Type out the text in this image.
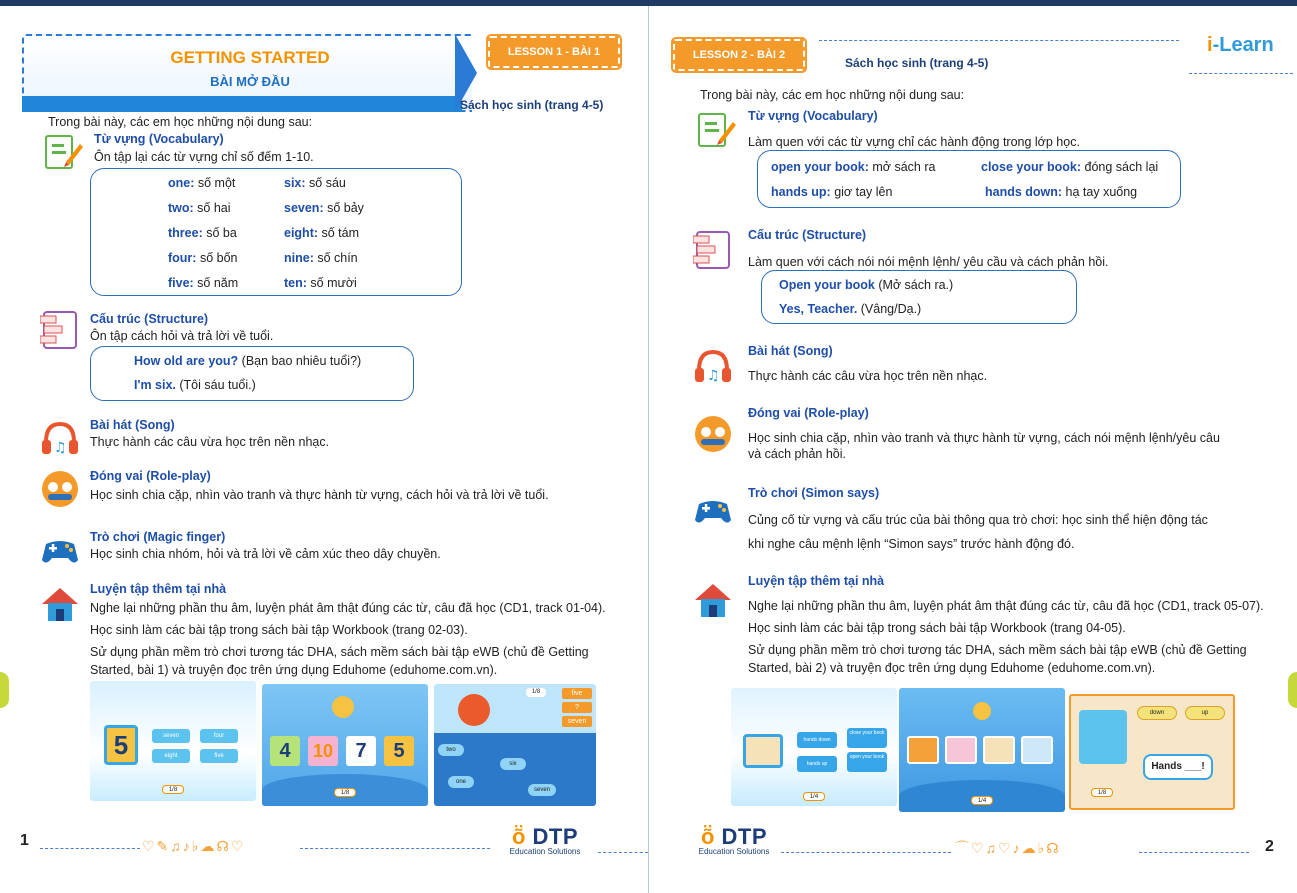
GETTING STARTED
BÀI MỞ ĐẦU
LESSON 1 - BÀI 1
Sách học sinh (trang 4-5)
Trong bài này, các em học những nội dung sau:
Từ vựng (Vocabulary)
Ôn tập lại các từ vựng chỉ số đếm 1-10.
one: số một	six: số sáu
two: số hai	seven: số bảy
three: số ba	eight: số tám
four: số bốn	nine: số chín
five: số năm	ten: số mười
Cấu trúc (Structure)
Ôn tập cách hỏi và trả lời về tuổi.
How old are you? (Bạn bao nhiêu tuổi?)
I'm six. (Tôi sáu tuổi.)
♫
Bài hát (Song)
Thực hành các câu vừa học trên nền nhạc.
Đóng vai (Role-play)
Học sinh chia cặp, nhìn vào tranh và thực hành từ vựng, cách hỏi và trả lời về tuổi.
Trò chơi (Magic finger)
Học sinh chia nhóm, hỏi và trả lời về cảm xúc theo dây chuyền.
Luyện tập thêm tại nhà
Nghe lại những phần thu âm, luyện phát âm thật đúng các từ, câu đã học (CD1, track 01-04).
Học sinh làm các bài tập trong sách bài tập Workbook (trang 02-03).
Sử dụng phần mềm trò chơi tương tác DHA, sách mềm sách bài tập eWB (chủ đề Getting
Started, bài 1) và truyện đọc trên ứng dụng Eduhome (eduhome.com.vn).
5	seven	four
eight	five
1/8
4	10	7	5
1/8
five
?
seven
two
six
one
seven
1/8
1	♡✎♫♪♭☁☊♡	ṏ DTP
Education Solutions
LESSON 2 - BÀI 2
Sách học sinh (trang 4-5)
i-Learn
Trong bài này, các em học những nội dung sau:
Từ vựng (Vocabulary)
Làm quen với các từ vựng chỉ các hành động trong lớp học.
open your book: mở sách ra	close your book: đóng sách lại
hands up: giơ tay lên	hands down: hạ tay xuống
Cấu trúc (Structure)
Làm quen với cách nói nói mệnh lệnh/ yêu cầu và cách phản hồi.
Open your book (Mở sách ra.)
Yes, Teacher. (Vâng/Dạ.)
♫
Bài hát (Song)
Thực hành các câu vừa học trên nền nhạc.
Đóng vai (Role-play)
Học sinh chia cặp, nhìn vào tranh và thực hành từ vựng, cách nói mệnh lệnh/yêu câu
và cách phản hồi.
Trò chơi (Simon says)
Củng cố từ vựng và cấu trúc của bài thông qua trò chơi: học sinh thể hiện động tác
khi nghe câu mệnh lệnh “Simon says” trước hành động đó.
Luyện tập thêm tại nhà
Nghe lại những phần thu âm, luyện phát âm thật đúng các từ, câu đã học (CD1, track 05-07).
Học sinh làm các bài tập trong sách bài tập Workbook (trang 04-05).
Sử dụng phần mềm trò chơi tương tác DHA, sách mềm sách bài tập eWB (chủ đề Getting
Started, bài 2) và truyện đọc trên ứng dụng Eduhome (eduhome.com.vn).
hands down
close your book
hands up
open your book
1/4
1/4
down	up
Hands ___!
1/8
ṏ DTP
Education Solutions	⌒♡♫♡♪☁♭☊	2
